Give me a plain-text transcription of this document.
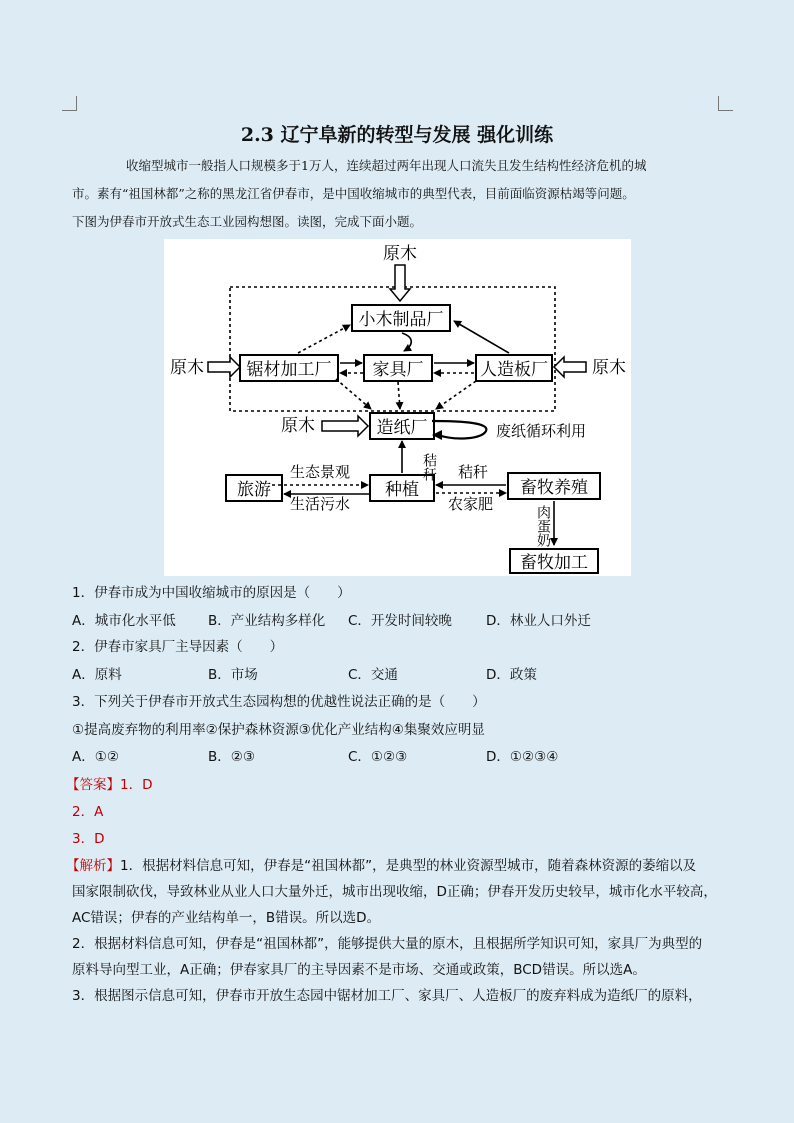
2.3 辽宁阜新的转型与发展 强化训练

收缩型城市一般指人口规模多于1万人，连续超过两年出现人口流失且发生结构性经济危机的城

市。素有“祖国林都”之称的黑龙江省伊春市，是中国收缩城市的典型代表，目前面临资源枯竭等问题。

下图为伊春市开放式生态工业园构想图。读图，完成下面小题。

原木
原木	原木
原木
小木制品厂
锯材加工厂 家具厂	人造板厂
造纸厂
种植
旅游	畜牧养殖
畜牧加工
废纸循环利用
秸秆
生态景观
生活污水
秸秆
农家肥
肉蛋奶
1．伊春市成为中国收缩城市的原因是（　　）
A．城市化水平低 B．产业结构多样化 C．开发时间较晚	D．林业人口外迁
2．伊春市家具厂主导因素（　　）
A．原料	B．市场	C．交通	D．政策
3．下列关于伊春市开放式生态园构想的优越性说法正确的是（　　）
①提高废弃物的利用率②保护森林资源③优化产业结构④集聚效应明显
A．①②	B．②③	C．①②③	D．①②③④
【答案】1．D
2．A
3．D

【解析】1．根据材料信息可知，伊春是“祖国林都”，是典型的林业资源型城市，随着森林资源的萎缩以及

国家限制砍伐，导致林业从业人口大量外迁，城市出现收缩，D正确；伊春开发历史较早，城市化水平较高，

AC错误；伊春的产业结构单一，B错误。所以选D。

2．根据材料信息可知，伊春是“祖国林都”，能够提供大量的原木，且根据所学知识可知，家具厂为典型的

原料导向型工业，A正确；伊春家具厂的主导因素不是市场、交通或政策，BCD错误。所以选A。

3．根据图示信息可知，伊春市开放生态园中锯材加工厂、家具厂、人造板厂的废弃料成为造纸厂的原料，
